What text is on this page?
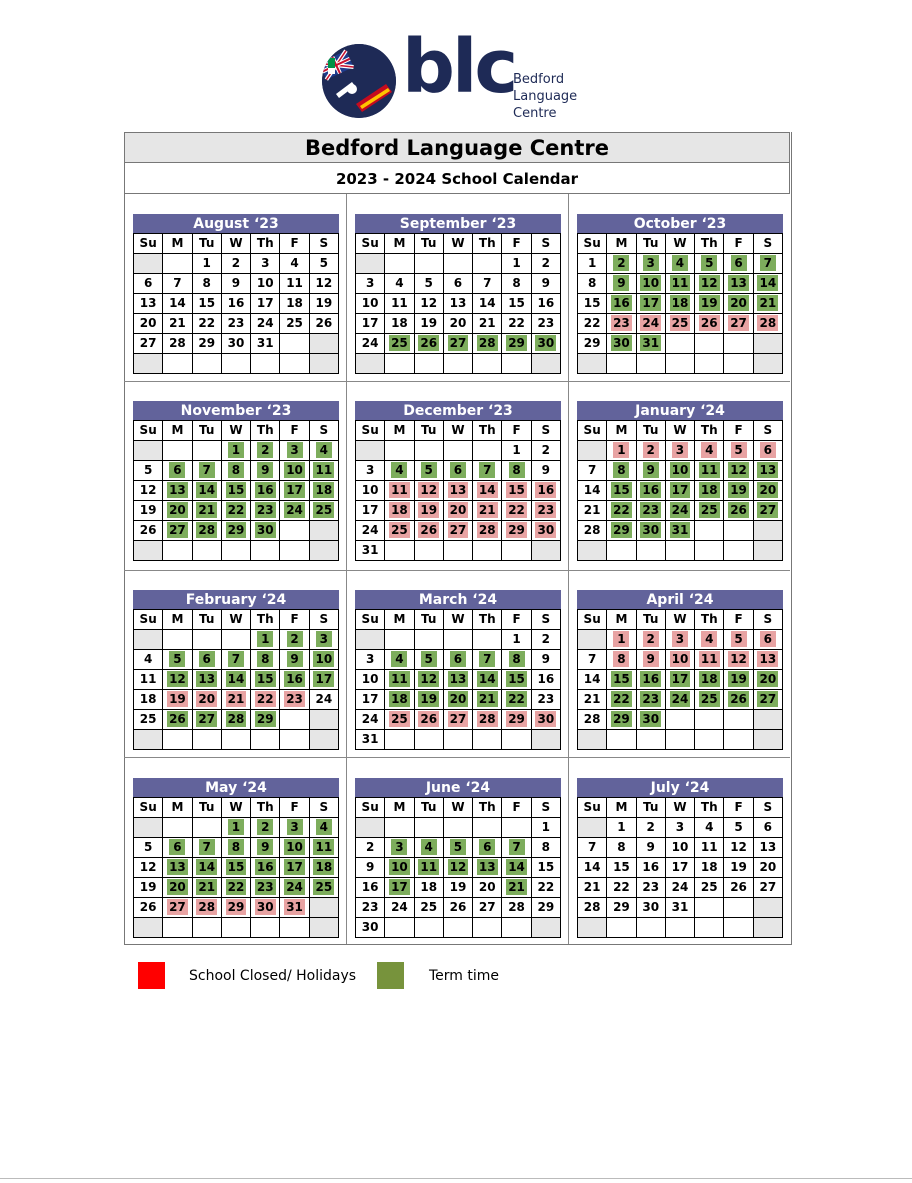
blc
Bedford
Language
Centre
Bedford Language Centre
2023 - 2024 School Calendar
August ‘23
Su	M	Tu	W	Th	F	S
		1	2	3	4	5
6	7	8	9	10	11	12
13	14	15	16	17	18	19
20	21	22	23	24	25	26
27	28	29	30	31		

September ‘23
Su	M	Tu	W	Th	F	S
					1	2
3	4	5	6	7	8	9
10	11	12	13	14	15	16
17	18	19	20	21	22	23
24	25	26	27	28	29	30

October ‘23
Su	M	Tu	W	Th	F	S
1	2	3	4	5	6	7
8	9	10	11	12	13	14
15	16	17	18	19	20	21
22	23	24	25	26	27	28
29	30	31				

November ‘23
Su	M	Tu	W	Th	F	S
			1	2	3	4
5	6	7	8	9	10	11
12	13	14	15	16	17	18
19	20	21	22	23	24	25
26	27	28	29	30		

December ‘23
Su	M	Tu	W	Th	F	S
					1	2
3	4	5	6	7	8	9
10	11	12	13	14	15	16
17	18	19	20	21	22	23
24	25	26	27	28	29	30
31						
January ‘24
Su	M	Tu	W	Th	F	S
	1	2	3	4	5	6
7	8	9	10	11	12	13
14	15	16	17	18	19	20
21	22	23	24	25	26	27
28	29	30	31			

February ‘24
Su	M	Tu	W	Th	F	S
				1	2	3
4	5	6	7	8	9	10
11	12	13	14	15	16	17
18	19	20	21	22	23	24
25	26	27	28	29		

March ‘24
Su	M	Tu	W	Th	F	S
					1	2
3	4	5	6	7	8	9
10	11	12	13	14	15	16
17	18	19	20	21	22	23
24	25	26	27	28	29	30
31						
April ‘24
Su	M	Tu	W	Th	F	S
	1	2	3	4	5	6
7	8	9	10	11	12	13
14	15	16	17	18	19	20
21	22	23	24	25	26	27
28	29	30				

May ‘24
Su	M	Tu	W	Th	F	S
			1	2	3	4
5	6	7	8	9	10	11
12	13	14	15	16	17	18
19	20	21	22	23	24	25
26	27	28	29	30	31	

June ‘24
Su	M	Tu	W	Th	F	S
						1
2	3	4	5	6	7	8
9	10	11	12	13	14	15
16	17	18	19	20	21	22
23	24	25	26	27	28	29
30						
July ‘24
Su	M	Tu	W	Th	F	S
	1	2	3	4	5	6
7	8	9	10	11	12	13
14	15	16	17	18	19	20
21	22	23	24	25	26	27
28	29	30	31			

School Closed/ Holidays	Term time
